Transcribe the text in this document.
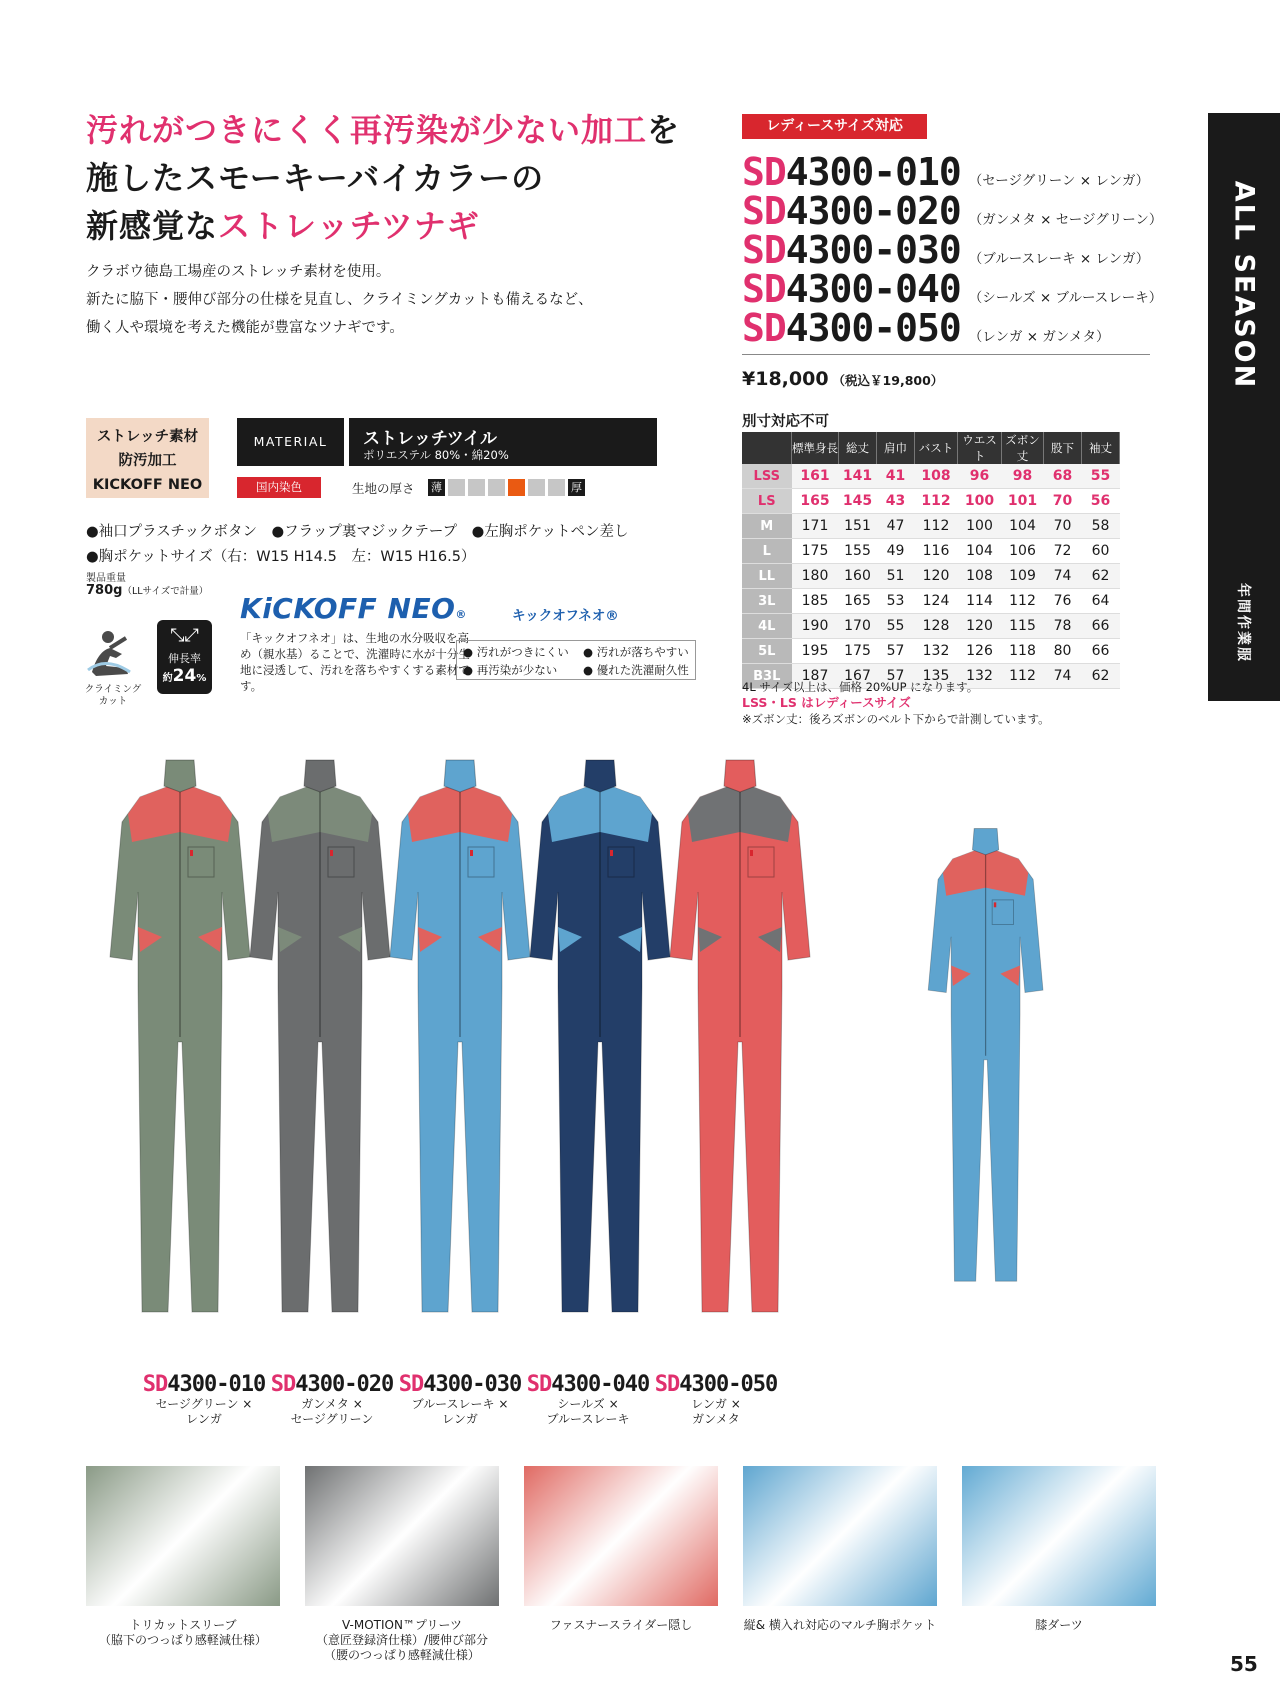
汚れがつきにくく再汚染が少ない加工を
施したスモーキーバイカラーの
新感覚なストレッチツナギ
クラボウ徳島工場産のストレッチ素材を使用。
新たに脇下・腰伸び部分の仕様を見直し、クライミングカットも備えるなど、
働く人や環境を考えた機能が豊富なツナギです。
レディースサイズ対応
SD4300-010 （セージグリーン × レンガ）
SD4300-020 （ガンメタ × セージグリーン）
SD4300-030 （ブルースレーキ × レンガ）
SD4300-040 （シールズ × ブルースレーキ）
SD4300-050 （レンガ × ガンメタ）
¥18,000 （税込￥19,800）	ALL SEASON
年間作業服
別寸対応不可
	標準身長	総丈	肩巾	バスト	ウエスト	ズボン丈	股下	袖丈
LSS	161	141	41	108	96	98	68	55
LS	165	145	43	112	100	101	70	56
M	171	151	47	112	100	104	70	58
L	175	155	49	116	104	106	72	60
LL	180	160	51	120	108	109	74	62
3L	185	165	53	124	114	112	76	64
4L	190	170	55	128	120	115	78	66
5L	195	175	57	132	126	118	80	66
B3L	187	167	57	135	132	112	74	62
4L サイズ以上は、価格 20%UP になります。
LSS・LS はレディースサイズ
※ズボン丈：後ろズボンのベルト下からで計測しています。
ストレッチ素材
防汚加工
KICKOFF NEO
MATERIAL	ストレッチツイル
ポリエステル 80%・綿20%
国内染色	生地の厚さ 薄	厚
●袖口プラスチックボタン　●フラップ裏マジックテープ　●左胸ポケットペン差し
●胸ポケットサイズ（右：W15 H14.5　左：W15 H16.5）
製品重量
780g（LLサイズで計量）
クライミング
カット
⤡⤢
伸長率
約24%
KiCKOFF NEO®	キックオフネオ®
「キックオフネオ」は、生地の水分吸収を高め（親水基）ることで、洗濯時に水が十分生地に浸透して、汚れを落ちやすくする素材です。
● 汚れがつきにくい	● 汚れが落ちやすい
● 再汚染が少ない	● 優れた洗濯耐久性
SD4300-010
セージグリーン ×
レンガ
SD4300-020
ガンメタ ×
セージグリーン
SD4300-030
ブルースレーキ ×
レンガ
SD4300-040
シールズ ×
ブルースレーキ
SD4300-050
レンガ ×
ガンメタ
トリカットスリーブ
（脇下のつっぱり感軽減仕様）
V-MOTION™プリーツ
（意匠登録済仕様）/腰伸び部分
（腰のつっぱり感軽減仕様）
ファスナースライダー隠し	縦& 横入れ対応のマルチ胸ポケット	膝ダーツ
55
